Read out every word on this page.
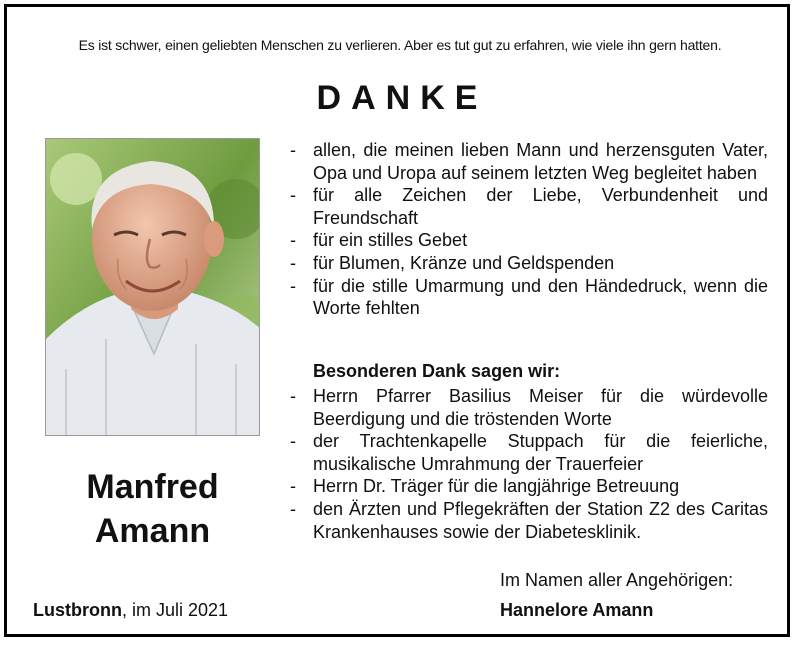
Es ist schwer, einen geliebten Menschen zu verlieren. Aber es tut gut zu erfahren, wie viele ihn gern hatten.
DANKE
Manfred
Amann
Lustbronn, im Juli 2021
- allen, die meinen lieben Mann und herzensguten Vater, Opa und Uropa auf seinem letzten Weg begleitet haben
- für alle Zeichen der Liebe, Verbundenheit und Freundschaft
- für ein stilles Gebet
- für Blumen, Kränze und Geldspenden
- für die stille Umarmung und den Händedruck, wenn die Worte fehlten
Besonderen Dank sagen wir:
- Herrn Pfarrer Basilius Meiser für die würdevolle Beerdigung und die tröstenden Worte
- der Trachtenkapelle Stuppach für die feierliche, musikalische Umrahmung der Trauerfeier
- Herrn Dr. Träger für die langjährige Betreuung
- den Ärzten und Pflegekräften der Station Z2 des Caritas Krankenhauses sowie der Diabetesklinik.
Im Namen aller Angehörigen:
Hannelore Amann
